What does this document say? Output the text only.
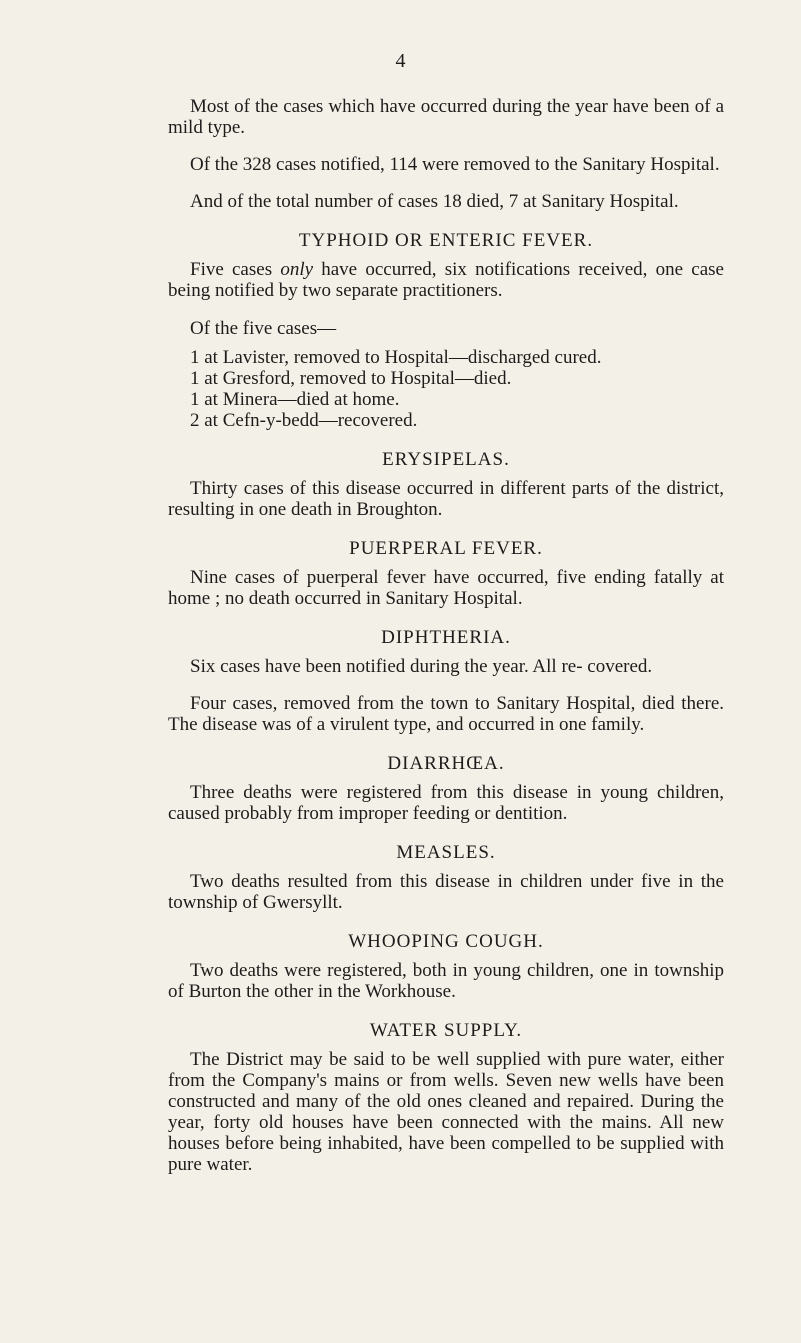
4

Most of the cases which have occurred during the year have been of a mild type.

Of the 328 cases notified, 114 were removed to the Sanitary Hospital.

And of the total number of cases 18 died, 7 at Sanitary Hospital.

TYPHOID OR ENTERIC FEVER.

Five cases only have occurred, six notifications received, one case being notified by two separate practitioners.

Of the five cases—

1 at Lavister, removed to Hospital—discharged cured.
1 at Gresford, removed to Hospital—died.
1 at Minera—died at home.
2 at Cefn-y-bedd—recovered.
ERYSIPELAS.

Thirty cases of this disease occurred in different parts of the district, resulting in one death in Broughton.

PUERPERAL FEVER.

Nine cases of puerperal fever have occurred, five ending fatally at home ; no death occurred in Sanitary Hospital.

DIPHTHERIA.

Six cases have been notified during the year. All re- covered.

Four cases, removed from the town to Sanitary Hospital, died there. The disease was of a virulent type, and occurred in one family.

DIARRHŒA.

Three deaths were registered from this disease in young children, caused probably from improper feeding or dentition.

MEASLES.

Two deaths resulted from this disease in children under five in the township of Gwersyllt.

WHOOPING COUGH.

Two deaths were registered, both in young children, one in township of Burton the other in the Workhouse.

WATER SUPPLY.

The District may be said to be well supplied with pure water, either from the Company's mains or from wells. Seven new wells have been constructed and many of the old ones cleaned and repaired. During the year, forty old houses have been connected with the mains. All new houses before being inhabited, have been compelled to be supplied with pure water.
